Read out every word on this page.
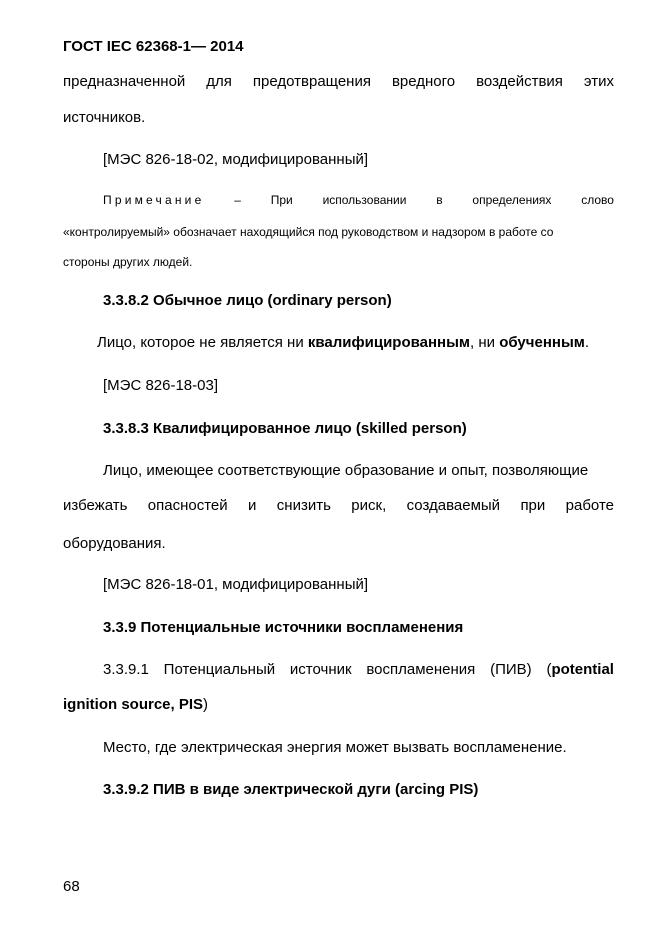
ГОСТ IEC 62368-1— 2014
предназначенной для предотвращения вредного воздействия этих
источников.
[МЭС 826-18-02, модифицированный]
Примечание – При использовании в определениях слово
«контролируемый» обозначает находящийся под руководством и надзором в работе со
стороны других людей.
3.3.8.2 Обычное лицо (ordinary person)
Лицо, которое не является ни квалифицированным, ни обученным.
[МЭС 826-18-03]
3.3.8.3 Квалифицированное лицо (skilled person)
Лицо, имеющее соответствующие образование и опыт, позволяющие
избежать опасностей и снизить риск, создаваемый при работе
оборудования.
[МЭС 826-18-01, модифицированный]
3.3.9 Потенциальные источники воспламенения
3.3.9.1 Потенциальный источник воспламенения (ПИВ) (potential
ignition source, PIS)
Место, где электрическая энергия может вызвать воспламенение.
3.3.9.2 ПИВ в виде электрической дуги (arcing PIS)
68
